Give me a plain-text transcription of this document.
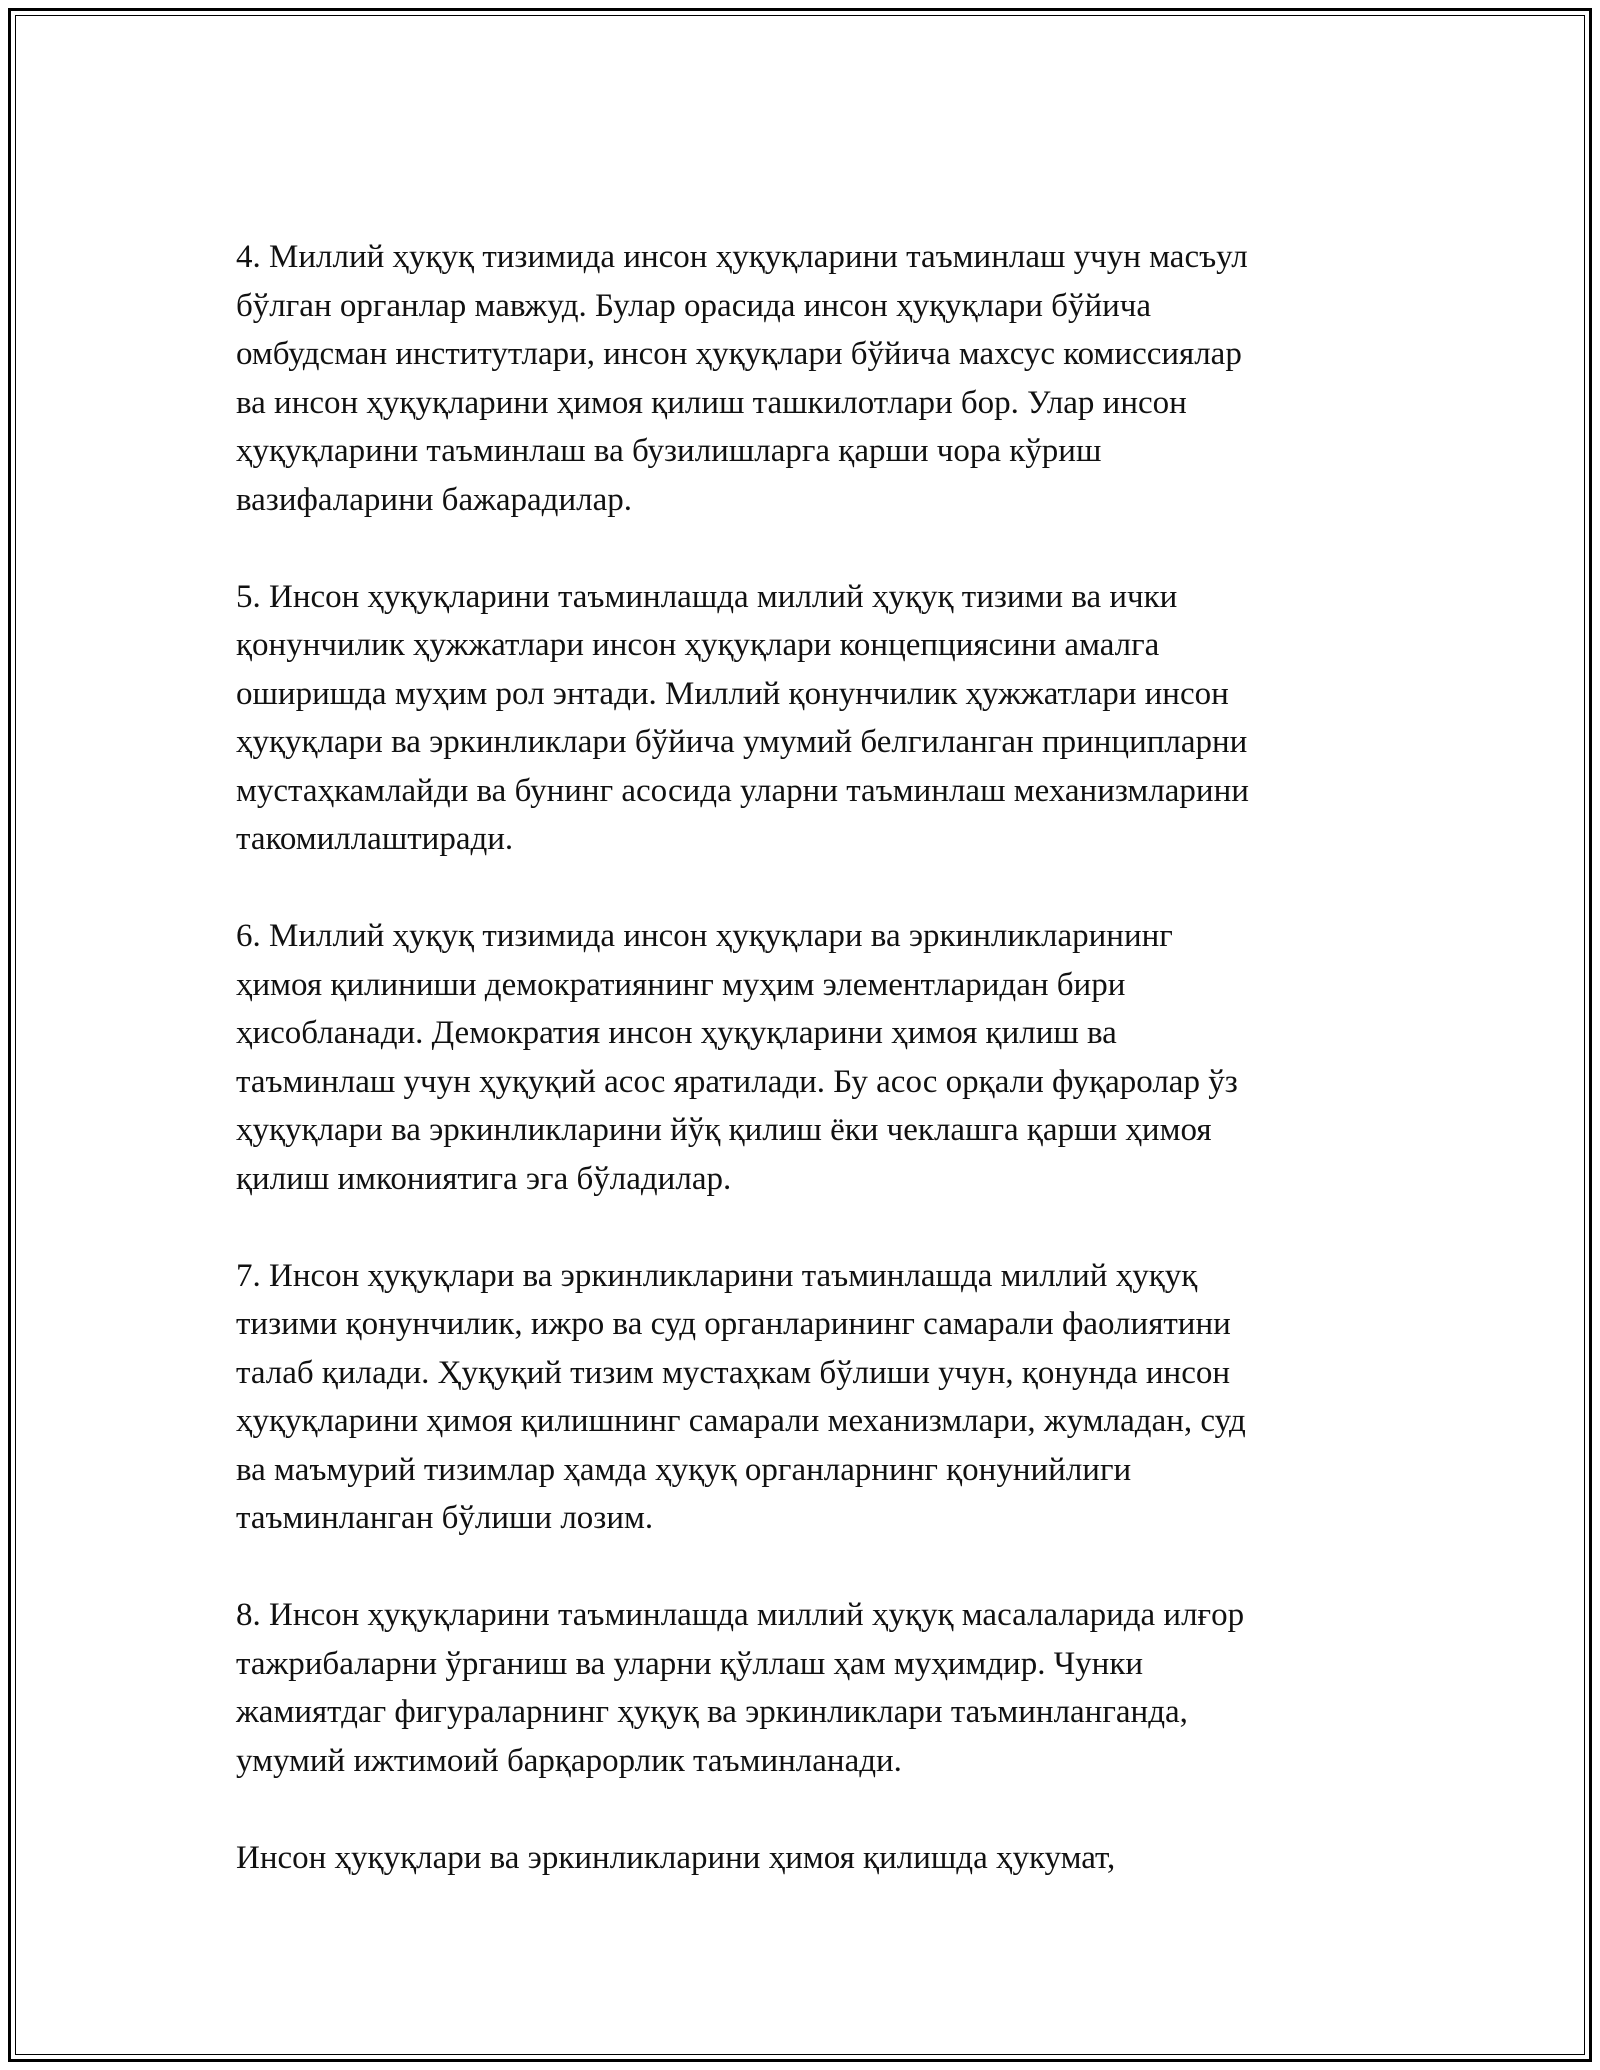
4. Миллий ҳуқуқ тизимида инсон ҳуқуқларини таъминлаш учун масъул
бўлган органлар мавжуд. Булар орасида инсон ҳуқуқлари бўйича
омбудсман институтлари, инсон ҳуқуқлари бўйича махсус комиссиялар
ва инсон ҳуқуқларини ҳимоя қилиш ташкилотлари бор. Улар инсон
ҳуқуқларини таъминлаш ва бузилишларга қарши чора кўриш
вазифаларини бажарадилар.

5. Инсон ҳуқуқларини таъминлашда миллий ҳуқуқ тизими ва ички
қонунчилик ҳужжатлари инсон ҳуқуқлари концепциясини амалга
оширишда муҳим рол энтади. Миллий қонунчилик ҳужжатлари инсон
ҳуқуқлари ва эркинликлари бўйича умумий белгиланган принципларни
мустаҳкамлайди ва бунинг асосида уларни таъминлаш механизмларини
такомиллаштиради.

6. Миллий ҳуқуқ тизимида инсон ҳуқуқлари ва эркинликларининг
ҳимоя қилиниши демократиянинг муҳим элементларидан бири
ҳисобланади. Демократия инсон ҳуқуқларини ҳимоя қилиш ва
таъминлаш учун ҳуқуқий асос яратилади. Бу асос орқали фуқаролар ўз
ҳуқуқлари ва эркинликларини йўқ қилиш ёки чеклашга қарши ҳимоя
қилиш имкониятига эга бўладилар.

7. Инсон ҳуқуқлари ва эркинликларини таъминлашда миллий ҳуқуқ
тизими қонунчилик, ижро ва суд органларининг самарали фаолиятини
талаб қилади. Ҳуқуқий тизим мустаҳкам бўлиши учун, қонунда инсон
ҳуқуқларини ҳимоя қилишнинг самарали механизмлари, жумладан, суд
ва маъмурий тизимлар ҳамда ҳуқуқ органларнинг қонунийлиги
таъминланган бўлиши лозим.

8. Инсон ҳуқуқларини таъминлашда миллий ҳуқуқ масалаларида илғор
тажрибаларни ўрганиш ва уларни қўллаш ҳам муҳимдир. Чунки
жамиятдаг фигураларнинг ҳуқуқ ва эркинликлари таъминланганда,
умумий ижтимоий барқарорлик таъминланади.

Инсон ҳуқуқлари ва эркинликларини ҳимоя қилишда ҳукумат,
